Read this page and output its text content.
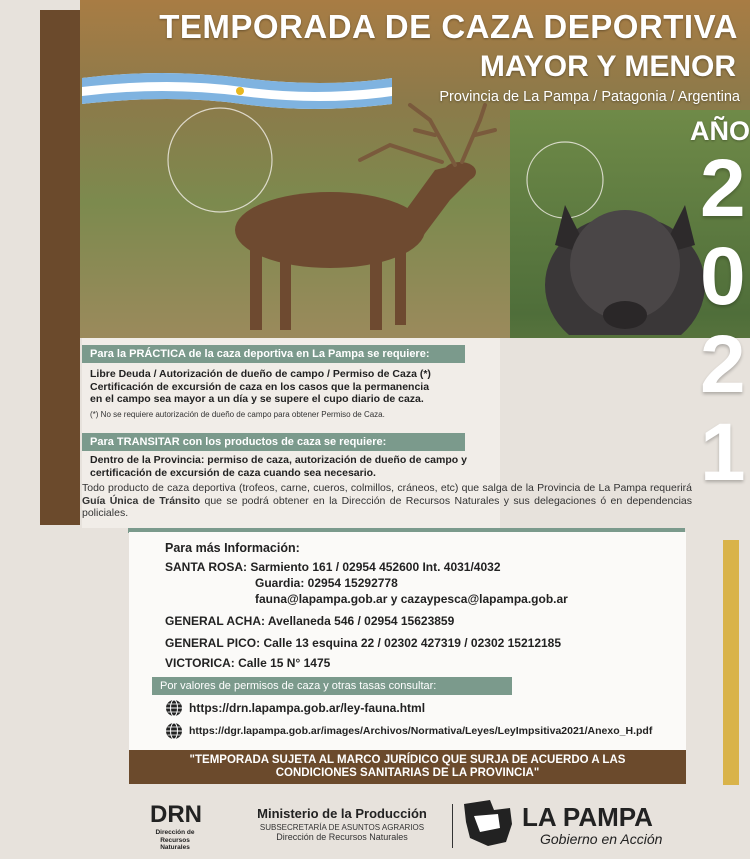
TEMPORADA DE CAZA DEPORTIVA
MAYOR Y MENOR
Provincia de La Pampa / Patagonia / Argentina
AÑO
2
0
2
1
Para la PRÁCTICA de la caza deportiva en La Pampa se requiere:
Libre Deuda / Autorización de dueño de campo / Permiso de Caza (*)
Certificación de excursión de caza en los casos que la permanencia
en el campo sea mayor a un día y se supere el cupo diario de caza.
(*) No se requiere autorización de dueño de campo para obtener Permiso de Caza.
Para TRANSITAR con los productos de caza se requiere:
Dentro de la Provincia: permiso de caza, autorización de dueño de campo y
certificación de excursión de caza cuando sea necesario.
Todo producto de caza deportiva (trofeos, carne, cueros, colmillos, cráneos, etc) que salga de la Provincia de La Pampa requerirá Guía Única de Tránsito que se podrá obtener en la Dirección de Recursos Naturales y sus delegaciones ó en dependencias policiales.
Para más Información:
SANTA ROSA: Sarmiento 161 / 02954 452600 Int. 4031/4032
Guardia: 02954 15292778
fauna@lapampa.gob.ar y cazaypesca@lapampa.gob.ar
GENERAL ACHA: Avellaneda 546 / 02954 15623859
GENERAL PICO: Calle 13 esquina 22 / 02302 427319 / 02302 15212185
VICTORICA: Calle 15 N° 1475
Por valores de permisos de caza y otras tasas consultar:
https://drn.lapampa.gob.ar/ley-fauna.html
https://dgr.lapampa.gob.ar/images/Archivos/Normativa/Leyes/LeyImpsitiva2021/Anexo_H.pdf
"TEMPORADA SUJETA AL MARCO JURÍDICO QUE SURJA DE ACUERDO A LAS
CONDICIONES SANITARIAS DE LA PROVINCIA"
DRN
Dirección de Recursos Naturales
Ministerio de la Producción
SUBSECRETARÍA DE ASUNTOS AGRARIOS
Dirección de Recursos Naturales
LA PAMPA
Gobierno en Acción
